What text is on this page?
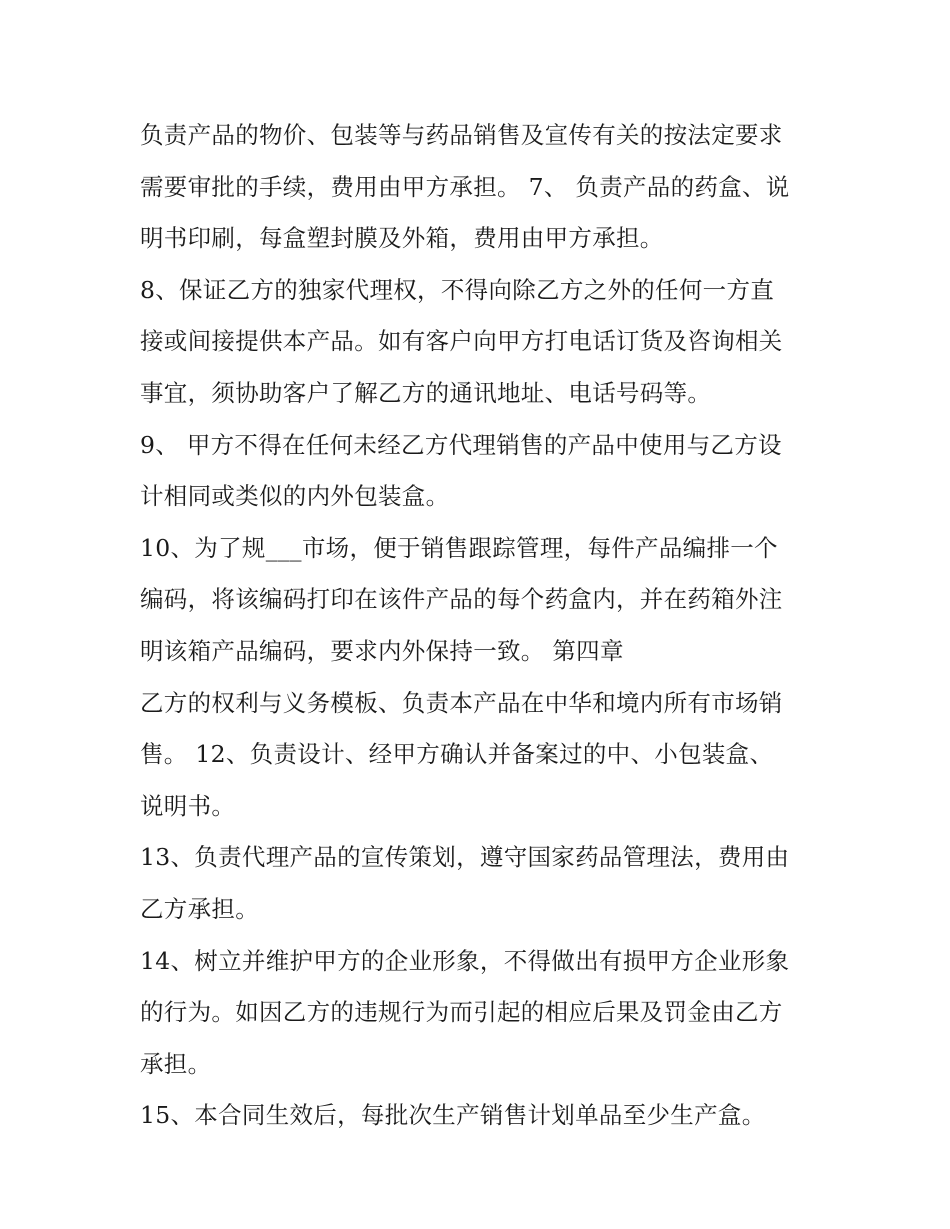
负责产品的物价、包装等与药品销售及宣传有关的按法定要求
需要审批的手续，费用由甲方承担。 7、 负责产品的药盒、说
明书印刷，每盒塑封膜及外箱，费用由甲方承担。
8、保证乙方的独家代理权，不得向除乙方之外的任何一方直
接或间接提供本产品。如有客户向甲方打电话订货及咨询相关
事宜，须协助客户了解乙方的通讯地址、电话号码等。
9、 甲方不得在任何未经乙方代理销售的产品中使用与乙方设
计相同或类似的内外包装盒。
10、为了规___市场，便于销售跟踪管理，每件产品编排一个
编码，将该编码打印在该件产品的每个药盒内，并在药箱外注
明该箱产品编码，要求内外保持一致。 第四章
乙方的权利与义务模板、负责本产品在中华和境内所有市场销
售。 12、负责设计、经甲方确认并备案过的中、小包装盒、
说明书。
13、负责代理产品的宣传策划，遵守国家药品管理法，费用由
乙方承担。
14、树立并维护甲方的企业形象，不得做出有损甲方企业形象
的行为。如因乙方的违规行为而引起的相应后果及罚金由乙方
承担。
15、本合同生效后，每批次生产销售计划单品至少生产盒。
